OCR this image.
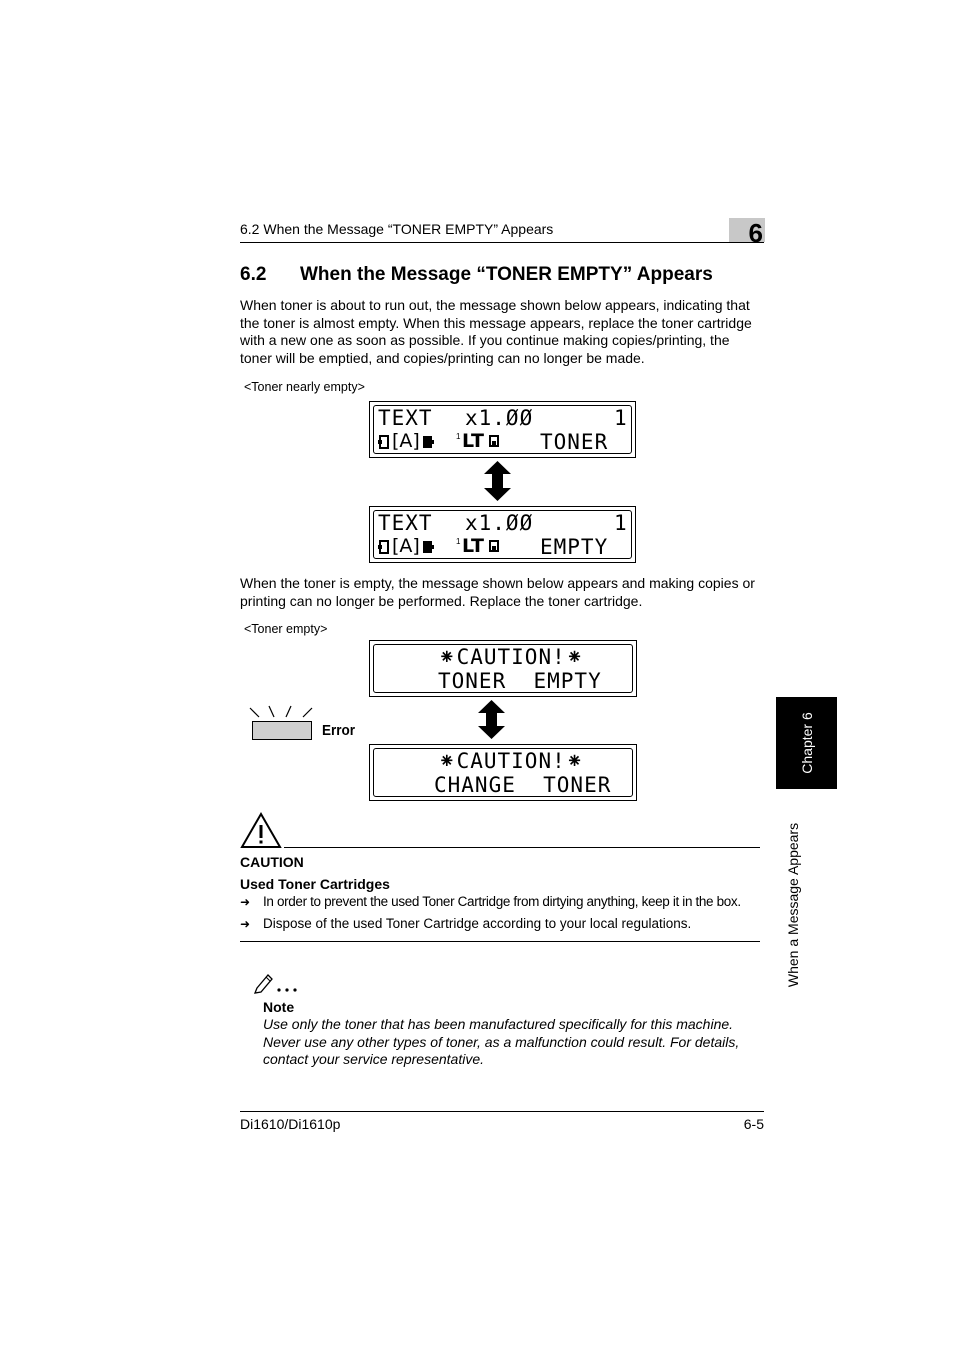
6.2 When the Message “TONER EMPTY” Appears	6
6.2 When the Message “TONER EMPTY” Appears
When toner is about to run out, the message shown below appears, indicating that
the toner is almost empty. When this message appears, replace the toner cartridge
with a new one as soon as possible. If you continue making copies/printing, the
toner will be emptied, and copies/printing can no longer be made.
<Toner nearly empty>
TEXT x1.ØØ	1
[A]	1 LT	TONER
TEXT x1.ØØ	1
[A]	1 LT	EMPTY
When the toner is empty, the message shown below appears and making copies or
printing can no longer be performed. Replace the toner cartridge.
<Toner empty>
⁕CAUTION!⁕
TONER  EMPTY
Error
⁕CAUTION!⁕
CHANGE  TONER
CAUTION
Used Toner Cartridges
➜ In order to prevent the used Toner Cartridge from dirtying anything, keep it in the box.
➜ Dispose of the used Toner Cartridge according to your local regulations.
Note
Use only the toner that has been manufactured specifically for this machine.
Never use any other types of toner, as a malfunction could result. For details,
contact your service representative.
Chapter 6
When a Message Appears
Di1610/Di1610p	6-5
